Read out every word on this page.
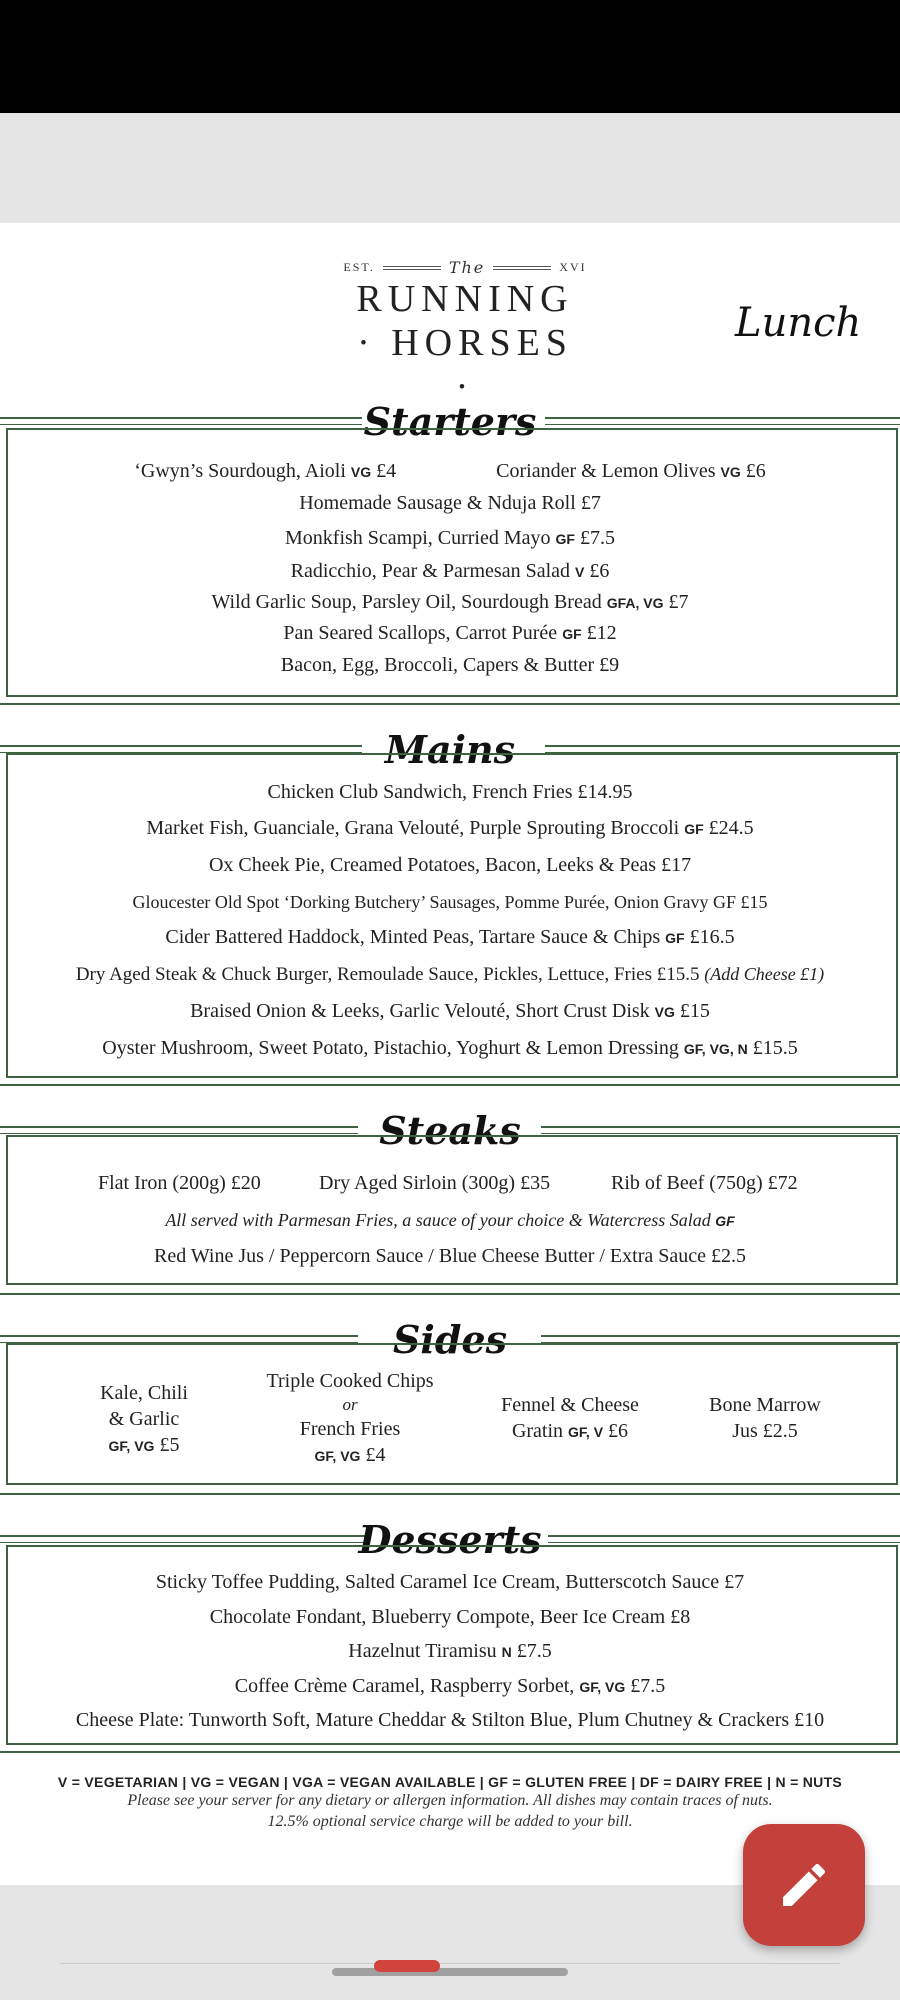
EST.	The	XVI
RUNNING
· HORSES ·
Lunch
Starters
‘Gwyn’s Sourdough, Aioli VG £4	Coriander & Lemon Olives VG £6
Homemade Sausage & Nduja Roll £7
Monkfish Scampi, Curried Mayo GF £7.5
Radicchio, Pear & Parmesan Salad V £6
Wild Garlic Soup, Parsley Oil, Sourdough Bread GFA, VG £7
Pan Seared Scallops, Carrot Purée GF £12
Bacon, Egg, Broccoli, Capers & Butter £9
Mains
Chicken Club Sandwich, French Fries £14.95
Market Fish, Guanciale, Grana Velouté, Purple Sprouting Broccoli GF £24.5
Ox Cheek Pie, Creamed Potatoes, Bacon, Leeks & Peas £17
Gloucester Old Spot ‘Dorking Butchery’ Sausages, Pomme Purée, Onion Gravy GF £15
Cider Battered Haddock, Minted Peas, Tartare Sauce & Chips GF £16.5
Dry Aged Steak & Chuck Burger, Remoulade Sauce, Pickles, Lettuce, Fries £15.5 (Add Cheese £1)
Braised Onion & Leeks, Garlic Velouté, Short Crust Disk VG £15
Oyster Mushroom, Sweet Potato, Pistachio, Yoghurt & Lemon Dressing GF, VG, N £15.5
Steaks
Flat Iron (200g) £20	Dry Aged Sirloin (300g) £35	Rib of Beef (750g) £72
All served with Parmesan Fries, a sauce of your choice & Watercress Salad GF
Red Wine Jus / Peppercorn Sauce / Blue Cheese Butter / Extra Sauce £2.5
Sides
Kale, Chili
& Garlic
GF, VG £5
Triple Cooked Chips
or
French Fries
GF, VG £4
Fennel & Cheese
Gratin GF, V £6
Bone Marrow
Jus £2.5
Desserts
Sticky Toffee Pudding, Salted Caramel Ice Cream, Butterscotch Sauce £7
Chocolate Fondant, Blueberry Compote, Beer Ice Cream £8
Hazelnut Tiramisu N £7.5
Coffee Crème Caramel, Raspberry Sorbet, GF, VG £7.5
Cheese Plate: Tunworth Soft, Mature Cheddar & Stilton Blue, Plum Chutney & Crackers £10
V = VEGETARIAN | VG = VEGAN | VGA = VEGAN AVAILABLE | GF = GLUTEN FREE | DF = DAIRY FREE | N = NUTS
Please see your server for any dietary or allergen information. All dishes may contain traces of nuts.
12.5% optional service charge will be added to your bill.
